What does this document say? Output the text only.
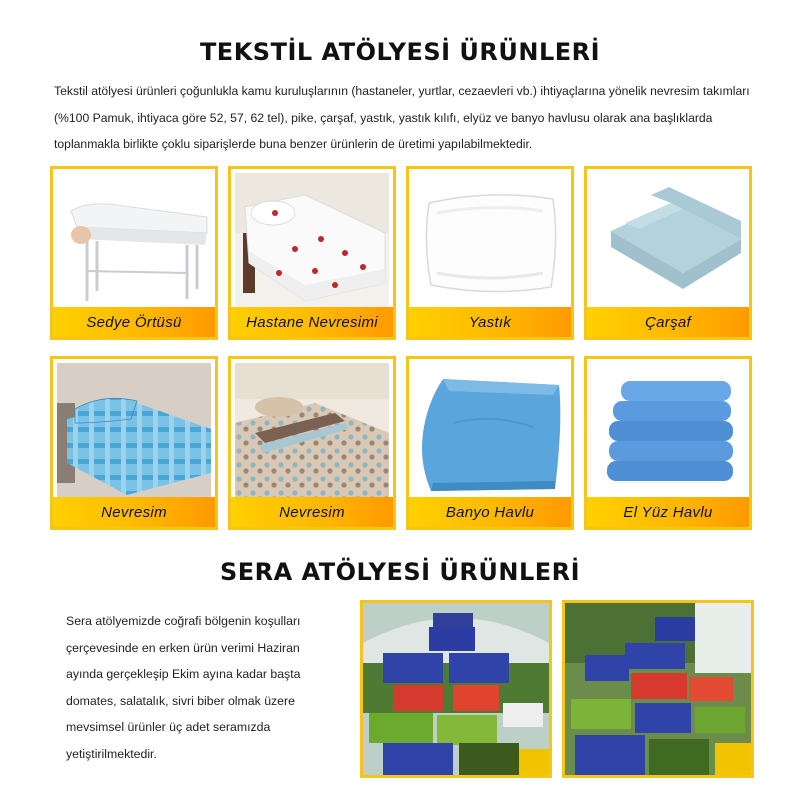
TEKSTİL ATÖLYESİ ÜRÜNLERİ
Tekstil atölyesi ürünleri çoğunlukla kamu kuruluşlarının (hastaneler, yurtlar, cezaevleri vb.) ihtiyaçlarına yönelik nevresim takımları (%100 Pamuk, ihtiyaca göre 52, 57, 62 tel), pike, çarşaf, yastık, yastık kılıfı, elyüz ve banyo havlusu olarak ana başlıklarda toplanmakla birlikte çoklu siparişlerde buna benzer ürünlerin de üretimi yapılabilmektedir.
Sedye Örtüsü	Hastane Nevresimi	Yastık	Çarşaf
Nevresim	Nevresim	Banyo Havlu	El Yüz Havlu
SERA ATÖLYESİ ÜRÜNLERİ
Sera atölyemizde coğrafi bölgenin koşulları çerçevesinde en erken ürün verimi Haziran ayında gerçekleşip Ekim ayına kadar başta domates, salatalık, sivri biber olmak üzere mevsimsel ürünler üç adet seramızda yetiştirilmektedir.
